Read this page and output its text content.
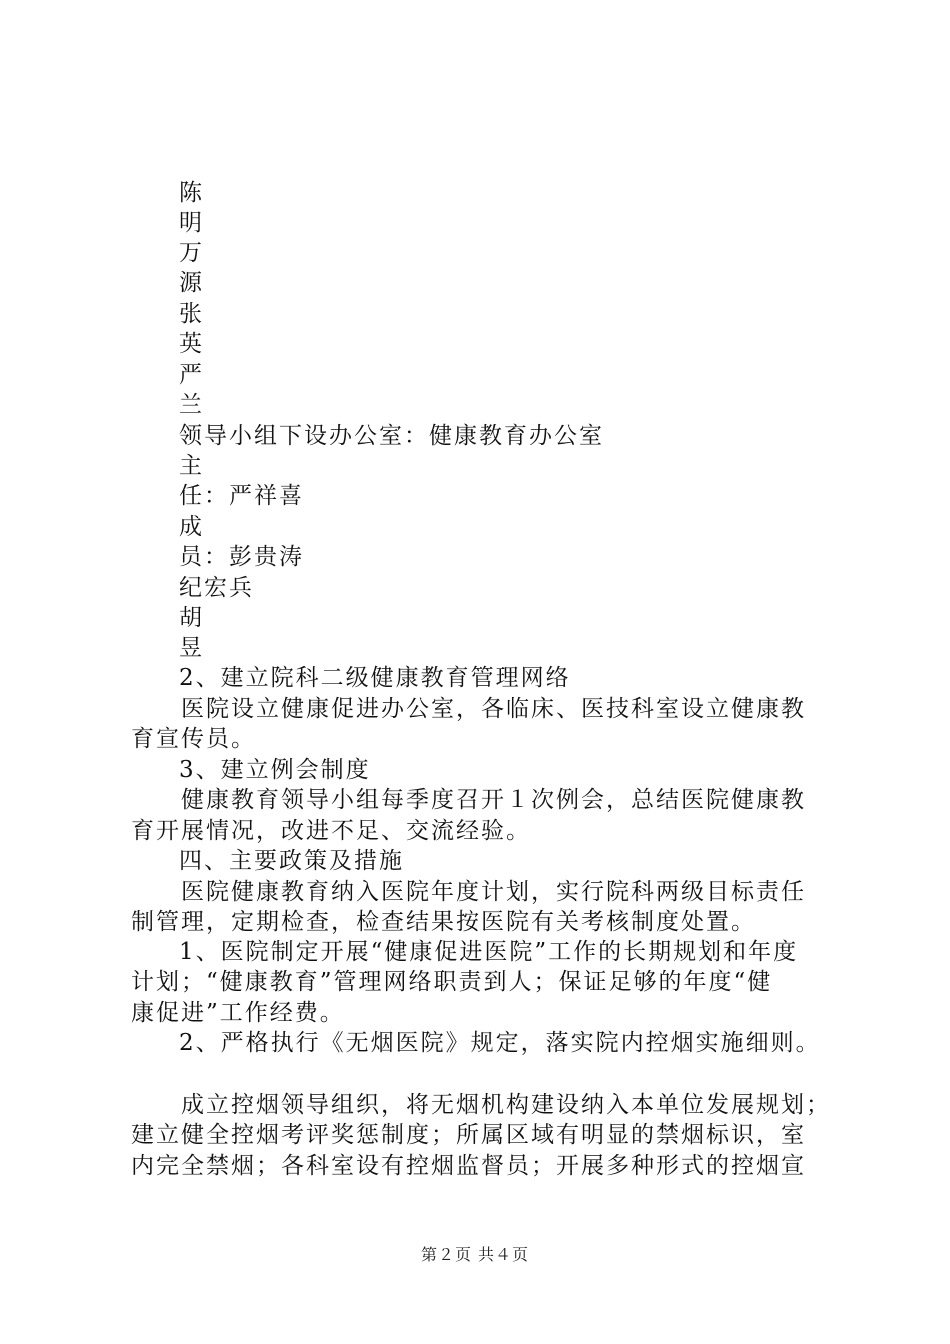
陈
明
万
源
张
英
严
兰
领导小组下设办公室：健康教育办公室
主
任：严祥喜
成
员：彭贵涛
纪宏兵
胡
昱
2、建立院科二级健康教育管理网络
医院设立健康促进办公室，各临床、医技科室设立健康教
育宣传员。
3、建立例会制度
健康教育领导小组每季度召开１次例会，总结医院健康教
育开展情况，改进不足、交流经验。
四、主要政策及措施
医院健康教育纳入医院年度计划，实行院科两级目标责任
制管理，定期检查，检查结果按医院有关考核制度处置。
1、医院制定开展“健康促进医院”工作的长期规划和年度
计划；“健康教育”管理网络职责到人；保证足够的年度“健
康促进”工作经费。
2、严格执行《无烟医院》规定，落实院内控烟实施细则。
成立控烟领导组织，将无烟机构建设纳入本单位发展规划；
建立健全控烟考评奖惩制度；所属区域有明显的禁烟标识，室
内完全禁烟；各科室设有控烟监督员；开展多种形式的控烟宣
第２页 共４页
